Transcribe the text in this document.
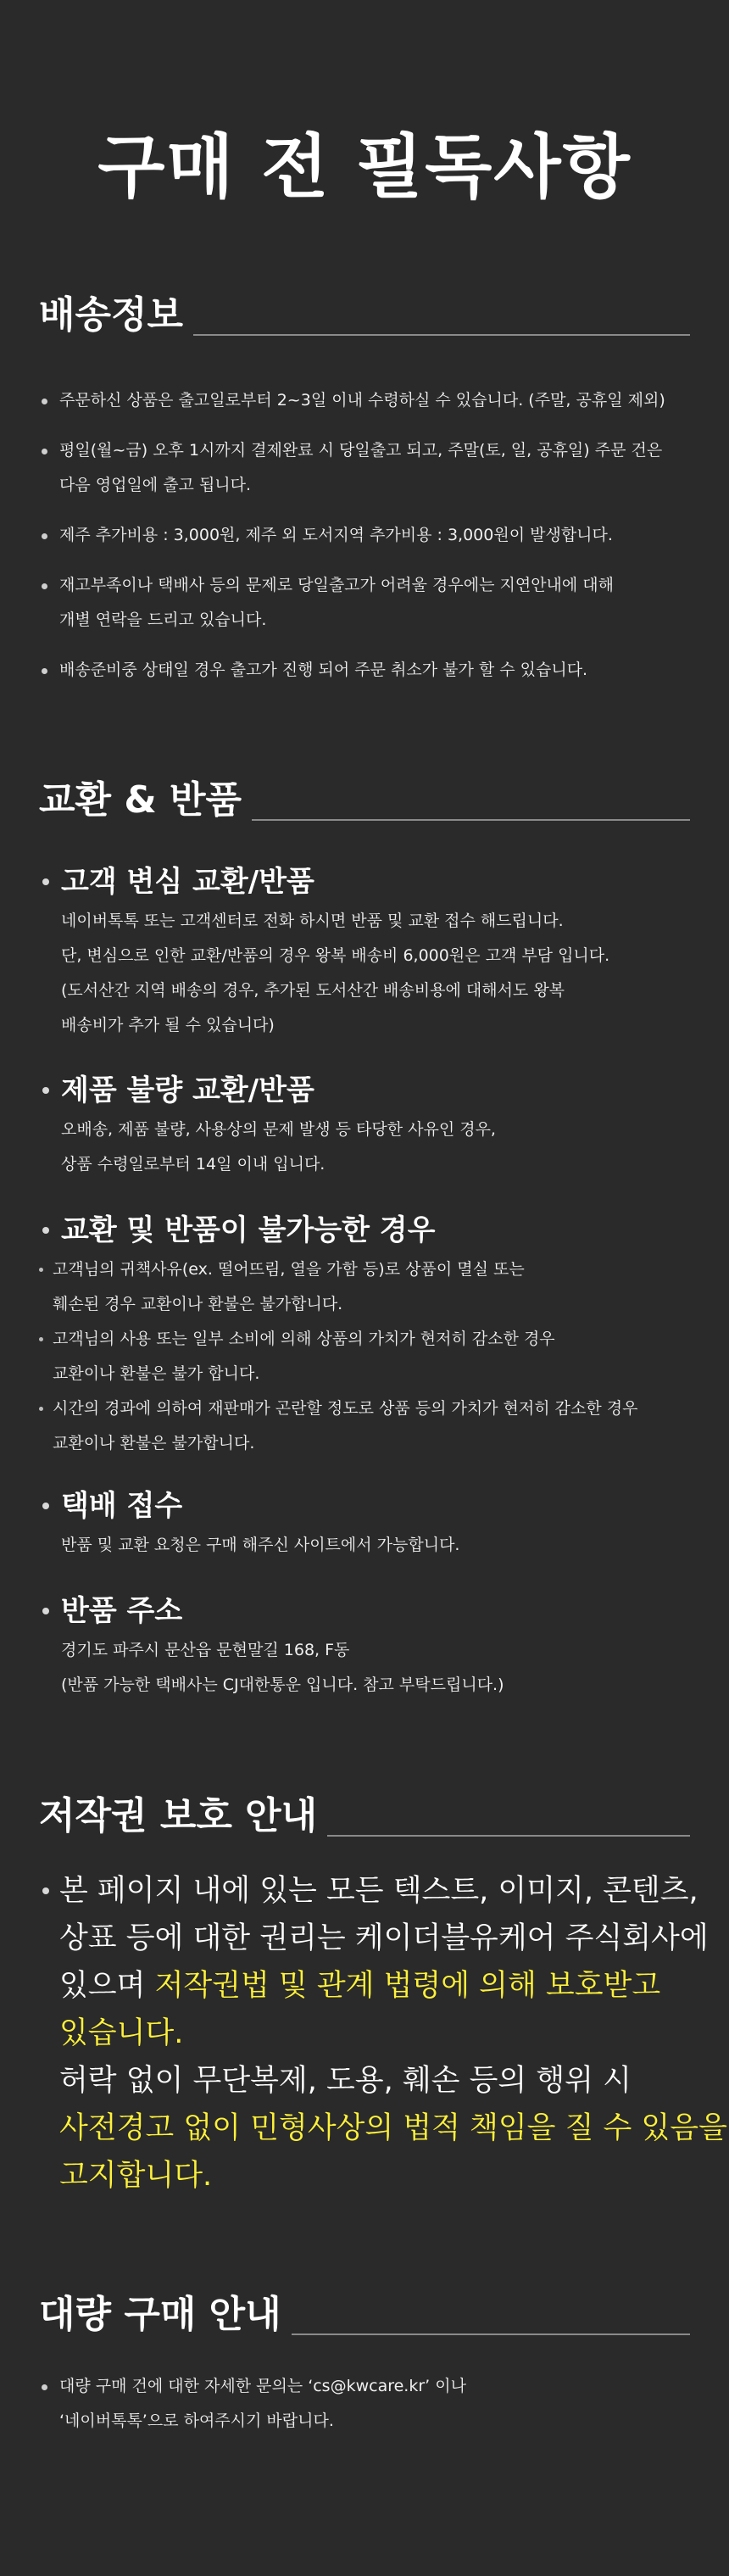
구매 전 필독사항
배송정보
주문하신 상품은 출고일로부터 2~3일 이내 수령하실 수 있습니다. (주말, 공휴일 제외)
평일(월~금) 오후 1시까지 결제완료 시 당일출고 되고, 주말(토, 일, 공휴일) 주문 건은
다음 영업일에 출고 됩니다.
제주 추가비용 : 3,000원, 제주 외 도서지역 추가비용 : 3,000원이 발생합니다.
재고부족이나 택배사 등의 문제로 당일출고가 어려울 경우에는 지연안내에 대해
개별 연락을 드리고 있습니다.
배송준비중 상태일 경우 출고가 진행 되어 주문 취소가 불가 할 수 있습니다.
교환 & 반품
고객 변심 교환/반품
네이버톡톡 또는 고객센터로 전화 하시면 반품 및 교환 접수 해드립니다.
단, 변심으로 인한 교환/반품의 경우 왕복 배송비 6,000원은 고객 부담 입니다.
(도서산간 지역 배송의 경우, 추가된 도서산간 배송비용에 대해서도 왕복
배송비가 추가 될 수 있습니다)
제품 불량 교환/반품
오배송, 제품 불량, 사용상의 문제 발생 등 타당한 사유인 경우,
상품 수령일로부터 14일 이내 입니다.
교환 및 반품이 불가능한 경우
고객님의 귀책사유(ex. 떨어뜨림, 열을 가함 등)로 상품이 멸실 또는
훼손된 경우 교환이나 환불은 불가합니다.
고객님의 사용 또는 일부 소비에 의해 상품의 가치가 현저히 감소한 경우
교환이나 환불은 불가 합니다.
시간의 경과에 의하여 재판매가 곤란할 정도로 상품 등의 가치가 현저히 감소한 경우
교환이나 환불은 불가합니다.
택배 접수
반품 및 교환 요청은 구매 해주신 사이트에서 가능합니다.
반품 주소
경기도 파주시 문산읍 문현말길 168, F동
(반품 가능한 택배사는 CJ대한통운 입니다. 참고 부탁드립니다.)
저작권 보호 안내
본 페이지 내에 있는 모든 텍스트, 이미지, 콘텐츠,
상표 등에 대한 권리는 케이더블유케어 주식회사에
있으며 저작권법 및 관계 법령에 의해 보호받고
있습니다.
허락 없이 무단복제, 도용, 훼손 등의 행위 시
사전경고 없이 민형사상의 법적 책임을 질 수 있음을
고지합니다.
대량 구매 안내
대량 구매 건에 대한 자세한 문의는 ‘cs@kwcare.kr’ 이나
‘네이버톡톡’으로 하여주시기 바랍니다.
